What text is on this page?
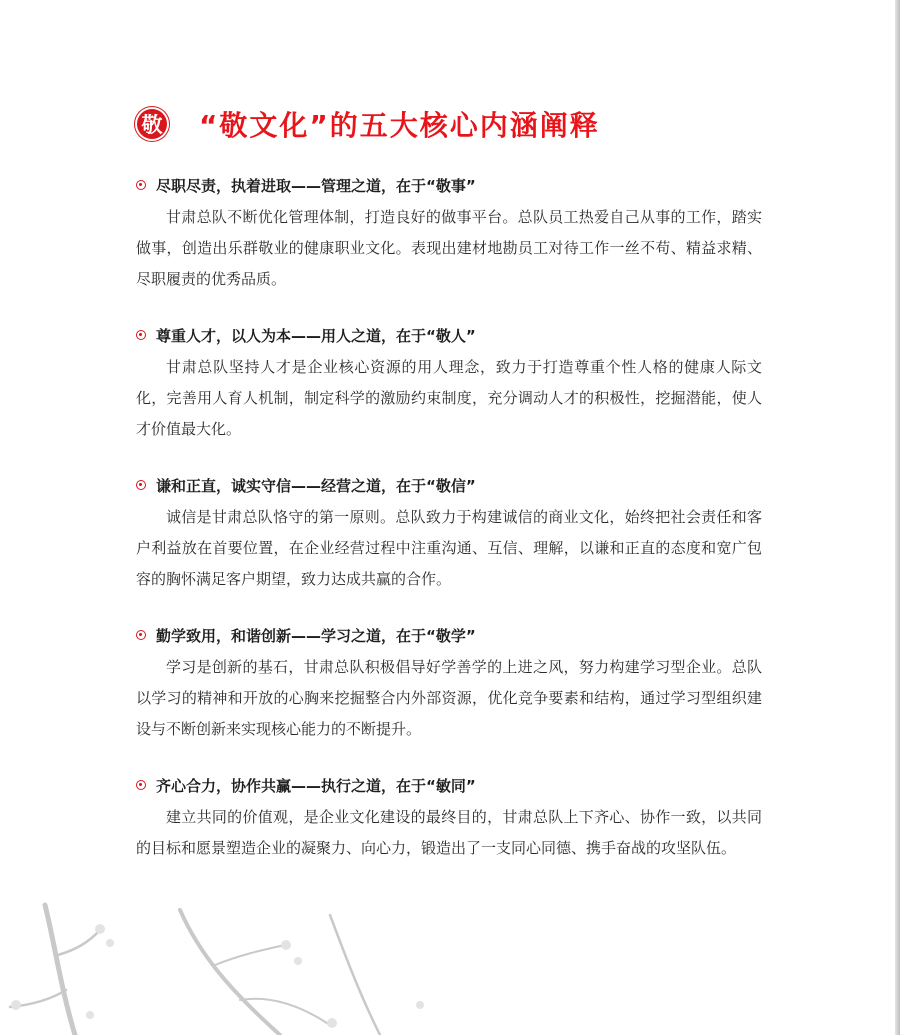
敬 “敬文化”的五大核心内涵阐释
尽职尽责，执着进取——管理之道，在于“敬事”

甘肃总队不断优化管理体制，打造良好的做事平台。总队员工热爱自己从事的工作，踏实做事，创造出乐群敬业的健康职业文化。表现出建材地勘员工对待工作一丝不苟、精益求精、尽职履责的优秀品质。

尊重人才，以人为本——用人之道，在于“敬人”

甘肃总队坚持人才是企业核心资源的用人理念，致力于打造尊重个性人格的健康人际文化，完善用人育人机制，制定科学的激励约束制度，充分调动人才的积极性，挖掘潜能，使人才价值最大化。

谦和正直，诚实守信——经营之道，在于“敬信”

诚信是甘肃总队恪守的第一原则。总队致力于构建诚信的商业文化，始终把社会责任和客户利益放在首要位置，在企业经营过程中注重沟通、互信、理解，以谦和正直的态度和宽广包容的胸怀满足客户期望，致力达成共赢的合作。

勤学致用，和谐创新——学习之道，在于“敬学”

学习是创新的基石，甘肃总队积极倡导好学善学的上进之风，努力构建学习型企业。总队以学习的精神和开放的心胸来挖掘整合内外部资源，优化竞争要素和结构，通过学习型组织建设与不断创新来实现核心能力的不断提升。

齐心合力，协作共赢——执行之道，在于“敏同”

建立共同的价值观，是企业文化建设的最终目的，甘肃总队上下齐心、协作一致，以共同的目标和愿景塑造企业的凝聚力、向心力，锻造出了一支同心同德、携手奋战的攻坚队伍。
